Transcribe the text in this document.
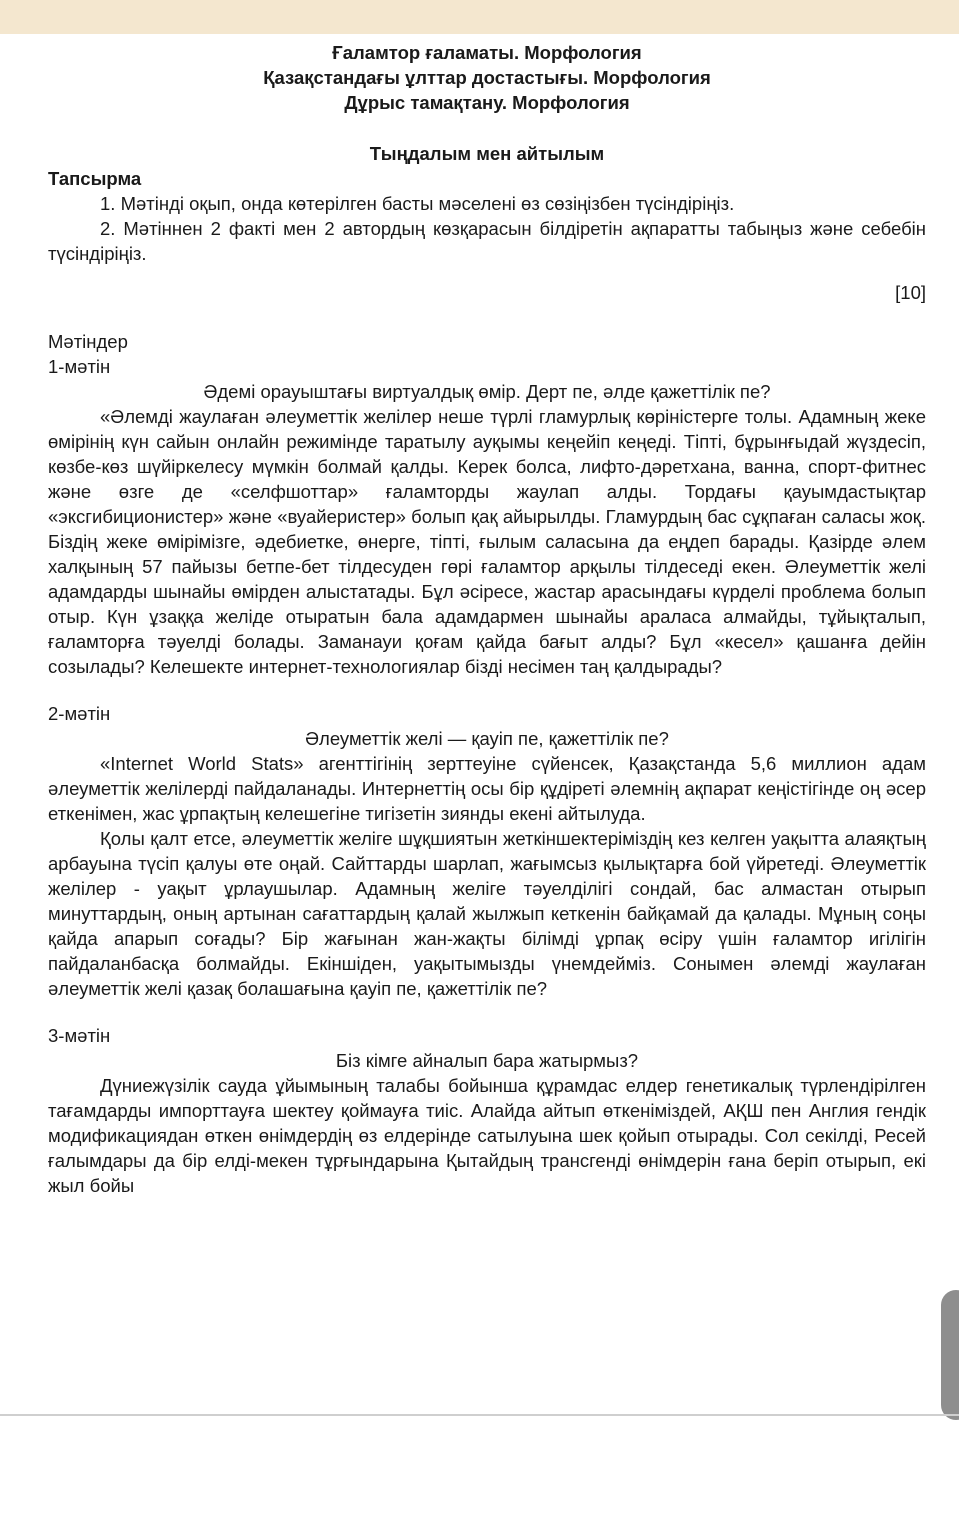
Ғаламтор ғаламаты. Морфология
Қазақстандағы ұлттар достастығы. Морфология
Дұрыс тамақтану. Морфология
Тыңдалым мен айтылым
Тапсырма

1. Мәтінді оқып, онда көтерілген басты мәселені өз сөзіңізбен түсіндіріңіз.

2. Мәтіннен 2 факті мен 2 автордың көзқарасын білдіретін ақпаратты табыңыз және себебін түсіндіріңіз.

[10]
Мәтіндер
1-мәтін
Әдемі орауыштағы виртуалдық өмір. Дерт пе, әлде қажеттілік пе?

«Әлемді жаулаған әлеуметтік желілер неше түрлі гламурлық көріністерге толы. Адамның жеке өмірінің күн сайын онлайн режимінде таратылу ауқымы кеңейіп кеңеді. Тіпті, бұрынғыдай жүздесіп, көзбе-көз шүйіркелесу мүмкін болмай қалды. Керек болса, лифто-дәретхана, ванна, спорт-фитнес және өзге де «селфшоттар» ғаламторды жаулап алды. Тордағы қауымдастықтар «эксгибиционистер» және «вуайеристер» болып қақ айырылды. Гламурдың бас сұқпаған саласы жоқ. Біздің жеке өмірімізге, әдебиетке, өнерге, тіпті, ғылым саласына да еңдеп барады. Қазірде әлем халқының 57 пайызы бетпе-бет тілдесуден гөрі ғаламтор арқылы тілдеседі екен. Әлеуметтік желі адамдарды шынайы өмірден алыстатады. Бұл әсіресе, жастар арасындағы күрделі проблема болып отыр. Күн ұзаққа желіде отыратын бала адамдармен шынайы араласа алмайды, тұйықталып, ғаламторға тәуелді болады. Заманауи қоғам қайда бағыт алды? Бұл «кесел» қашанға дейін созылады? Келешекте интернет-технологиялар бізді несімен таң қалдырады?

2-мәтін
Әлеуметтік желі — қауіп пе, қажеттілік пе?

«Internet World Stats» агенттігінің зерттеуіне сүйенсек, Қазақстанда 5,6 миллион адам әлеуметтік желілерді пайдаланады. Интернеттің осы бір құдіреті әлемнің ақпарат кеңістігінде оң әсер еткенімен, жас ұрпақтың келешегіне тигізетін зиянды екені айтылуда.

Қолы қалт етсе, әлеуметтік желіге шұқшиятын жеткіншектеріміздің кез келген уақытта алаяқтың арбауына түсіп қалуы өте оңай. Сайттарды шарлап, жағымсыз қылықтарға бой үйретеді. Әлеуметтік желілер - уақыт ұрлаушылар. Адамның желіге тәуелділігі сондай, бас алмастан отырып минуттардың, оның артынан сағаттардың қалай жылжып кеткенін байқамай да қалады. Мұның соңы қайда апарып соғады? Бір жағынан жан-жақты білімді ұрпақ өсіру үшін ғаламтор игілігін пайдаланбасқа болмайды. Екіншіден, уақытымызды үнемдейміз. Сонымен әлемді жаулаған әлеуметтік желі қазақ болашағына қауіп пе, қажеттілік пе?

3-мәтін
Біз кімге айналып бара жатырмыз?

Дүниежүзілік сауда ұйымының талабы бойынша құрамдас елдер генетикалық түрлендірілген тағамдарды импорттауға шектеу қоймауға тиіс. Алайда айтып өткеніміздей, АҚШ пен Англия гендік модификациядан өткен өнімдердің өз елдерінде сатылуына шек қойып отырады. Сол секілді, Ресей ғалымдары да бір елді-мекен тұрғындарына Қытайдың трансгенді өнімдерін ғана беріп отырып, екі жыл бойы
